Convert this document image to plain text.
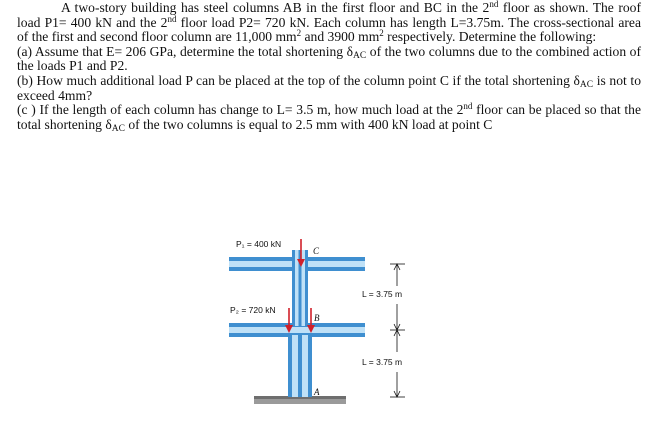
A two-story building has steel columns AB in the first floor and BC in the 2nd floor as shown. The roof load P1= 400 kN and the 2nd floor load P2= 720 kN. Each column has length L=3.75m. The cross-sectional area of the first and second floor column are 11,000 $mm^2$ and 3900 $mm^2$ respectively. Determine the following:

(a) Assume that E= 206 GPa, determine the total shortening $\delta_{AC}$ of the two columns due to the combined action of the loads P1 and P2.

(b) How much additional load P can be placed at the top of the column point C if the total shortening $\delta_{AC}$ is not to exceed 4mm?

(c ) If the length of each column has change to L= 3.5 m, how much load at the 2nd floor can be placed so that the total shortening $\delta_{AC}$ of the two columns is equal to 2.5 mm with 400 kN load at point C

P₁ = 400 kN
P₂ = 720 kN
L = 3.75 m
L = 3.75 m
C
B
A
